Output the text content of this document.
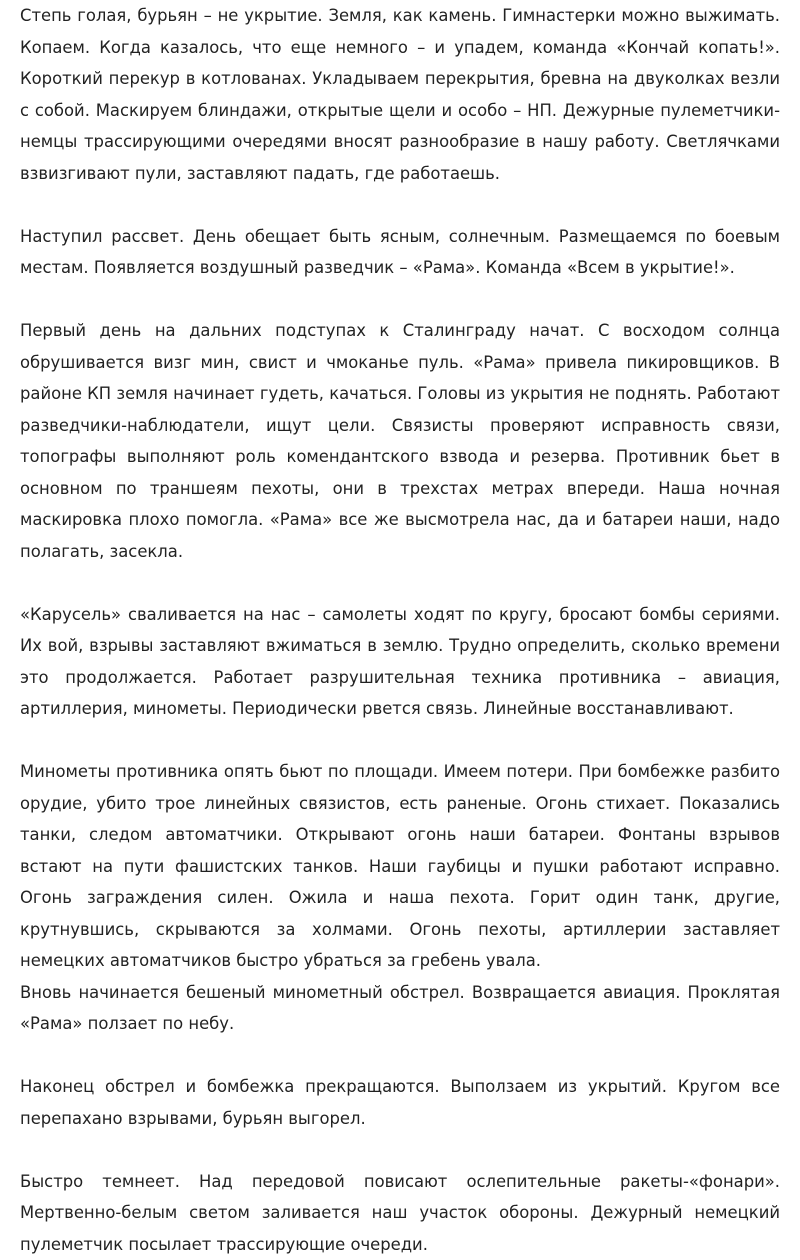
Степь голая, бурьян – не укрытие. Земля, как камень. Гимнастерки можно выжимать. Копаем. Когда казалось, что еще немного – и упадем, команда «Кончай копать!». Короткий перекур в котлованах. Укладываем перекрытия, бревна на двуколках везли с собой. Маскируем блиндажи, открытые щели и особо – НП. Дежурные пулеметчики-немцы трассирующими очередями вносят разнообразие в нашу работу. Светлячками взвизгивают пули, заставляют падать, где работаешь.

Наступил рассвет. День обещает быть ясным, солнечным. Размещаемся по боевым местам. Появляется воздушный разведчик – «Рама». Команда «Всем в укрытие!».

Первый день на дальних подступах к Сталинграду начат. С восходом солнца обрушивается визг мин, свист и чмоканье пуль. «Рама» привела пикировщиков. В районе КП земля начинает гудеть, качаться. Головы из укрытия не поднять. Работают разведчики-наблюдатели, ищут цели. Связисты проверяют исправность связи, топографы выполняют роль комендантского взвода и резерва. Противник бьет в основном по траншеям пехоты, они в трехстах метрах впереди. Наша ночная маскировка плохо помогла. «Рама» все же высмотрела нас, да и батареи наши, надо полагать, засекла.

«Карусель» сваливается на нас – самолеты ходят по кругу, бросают бомбы сериями. Их вой, взрывы заставляют вжиматься в землю. Трудно определить, сколько времени это продолжается. Работает разрушительная техника противника – авиация, артиллерия, минометы. Периодически рвется связь. Линейные восстанавливают.

Минометы противника опять бьют по площади. Имеем потери. При бомбежке разбито орудие, убито трое линейных связистов, есть раненые. Огонь стихает. Показались танки, следом автоматчики. Открывают огонь наши батареи. Фонтаны взрывов встают на пути фашистских танков. Наши гаубицы и пушки работают исправно. Огонь заграждения силен. Ожила и наша пехота. Горит один танк, другие, крутнувшись, скрываются за холмами. Огонь пехоты, артиллерии заставляет немецких автоматчиков быстро убраться за гребень увала.

Вновь начинается бешеный минометный обстрел. Возвращается авиация. Проклятая «Рама» ползает по небу.

Наконец обстрел и бомбежка прекращаются. Выползаем из укрытий. Кругом все перепахано взрывами, бурьян выгорел.

Быстро темнеет. Над передовой повисают ослепительные ракеты-«фонари». Мертвенно-белым светом заливается наш участок обороны. Дежурный немецкий пулеметчик посылает трассирующие очереди.
